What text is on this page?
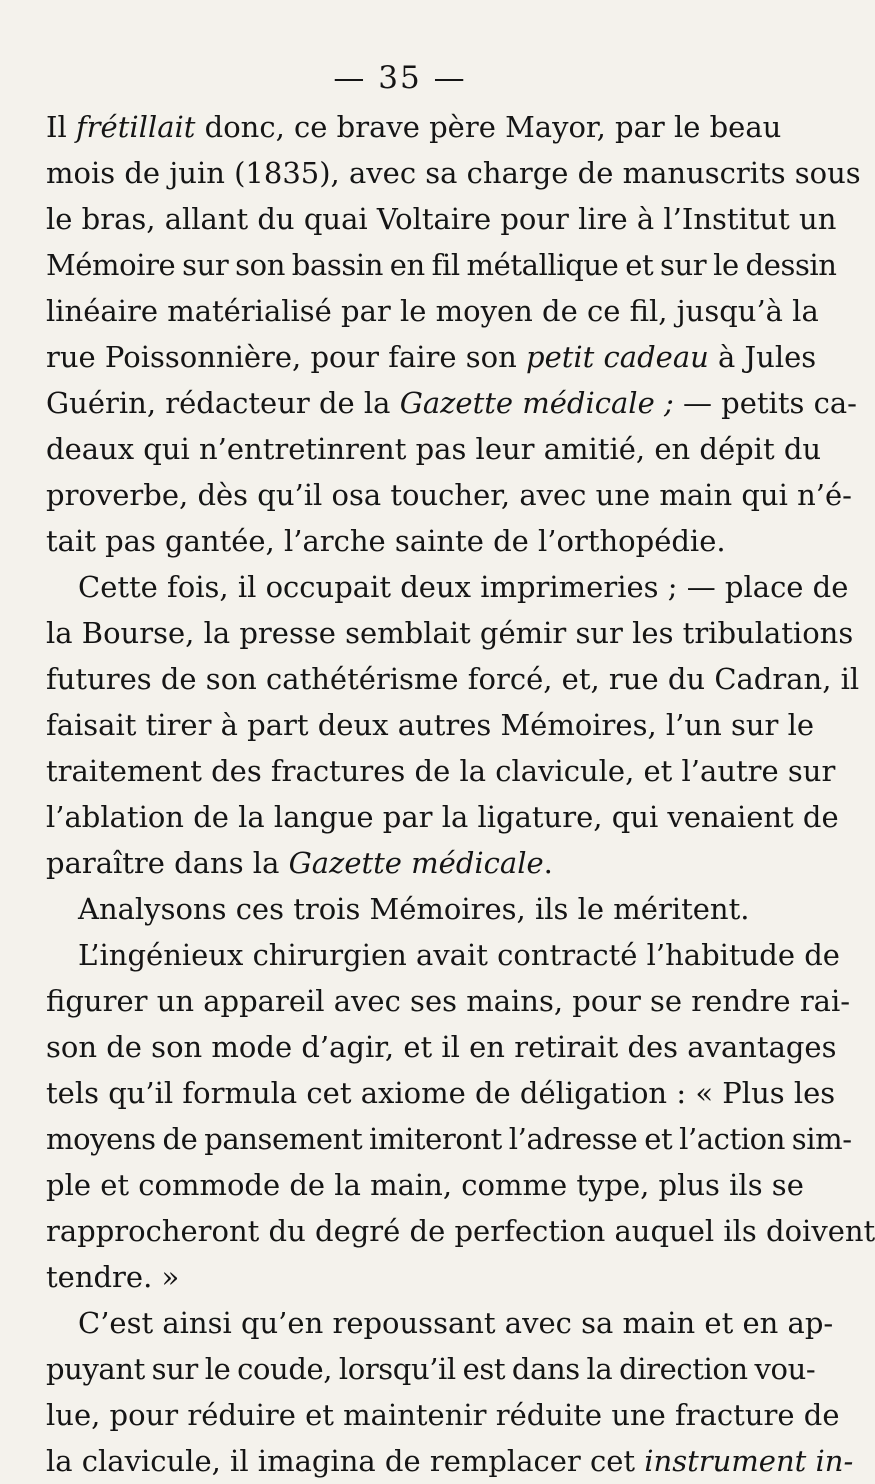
— 35 —
Il frétillait donc, ce brave père Mayor, par le beau
mois de juin (1835), avec sa charge de manuscrits sous
le bras, allant du quai Voltaire pour lire à l’Institut un
Mémoire sur son bassin en fil métallique et sur le dessin
linéaire matérialisé par le moyen de ce fil, jusqu’à la
rue Poissonnière, pour faire son petit cadeau à Jules
Guérin, rédacteur de la Gazette médicale ; — petits ca-
deaux qui n’entretinrent pas leur amitié, en dépit du
proverbe, dès qu’il osa toucher, avec une main qui n’é-
tait pas gantée, l’arche sainte de l’orthopédie.
Cette fois, il occupait deux imprimeries ; — place de
la Bourse, la presse semblait gémir sur les tribulations
futures de son cathétérisme forcé, et, rue du Cadran, il
faisait tirer à part deux autres Mémoires, l’un sur le
traitement des fractures de la clavicule, et l’autre sur
l’ablation de la langue par la ligature, qui venaient de
paraître dans la Gazette médicale.
Analysons ces trois Mémoires, ils le méritent.
L’ingénieux chirurgien avait contracté l’habitude de
figurer un appareil avec ses mains, pour se rendre rai-
son de son mode d’agir, et il en retirait des avantages
tels qu’il formula cet axiome de déligation : « Plus les
moyens de pansement imiteront l’adresse et l’action sim-
ple et commode de la main, comme type, plus ils se
rapprocheront du degré de perfection auquel ils doivent
tendre. »
C’est ainsi qu’en repoussant avec sa main et en ap-
puyant sur le coude, lorsqu’il est dans la direction vou-
lue, pour réduire et maintenir réduite une fracture de
la clavicule, il imagina de remplacer cet instrument in-
